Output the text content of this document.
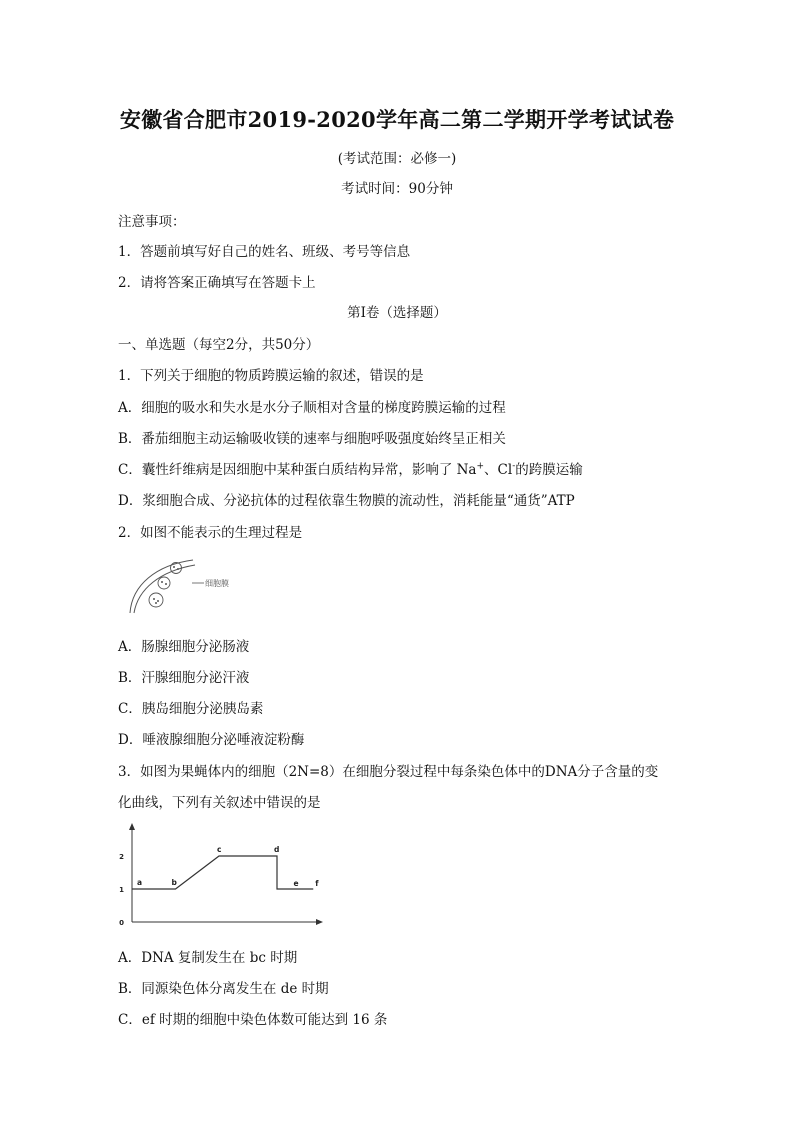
安徽省合肥市2019-2020学年高二第二学期开学考试试卷
(考试范围：必修一)
考试时间：90分钟
注意事项：
1．答题前填写好自己的姓名、班级、考号等信息
2．请将答案正确填写在答题卡上
第I卷（选择题）
一、单选题（每空2分，共50分）
1．下列关于细胞的物质跨膜运输的叙述，错误的是
A．细胞的吸水和失水是水分子顺相对含量的梯度跨膜运输的过程
B．番茄细胞主动运输吸收镁的速率与细胞呼吸强度始终呈正相关
C．囊性纤维病是因细胞中某种蛋白质结构异常，影响了 Na+、Cl-的跨膜运输
D．浆细胞合成、分泌抗体的过程依靠生物膜的流动性，消耗能量“通货”ATP
2．如图不能表示的生理过程是
细胞膜
A．肠腺细胞分泌肠液
B．汗腺细胞分泌汗液
C．胰岛细胞分泌胰岛素
D．唾液腺细胞分泌唾液淀粉酶
3．如图为果蝇体内的细胞（2N=8）在细胞分裂过程中每条染色体中的DNA分子含量的变
化曲线，下列有关叙述中错误的是
0
1
2
a	b
c	d
e f
A．DNA 复制发生在 bc 时期
B．同源染色体分离发生在 de 时期
C．ef 时期的细胞中染色体数可能达到 16 条
